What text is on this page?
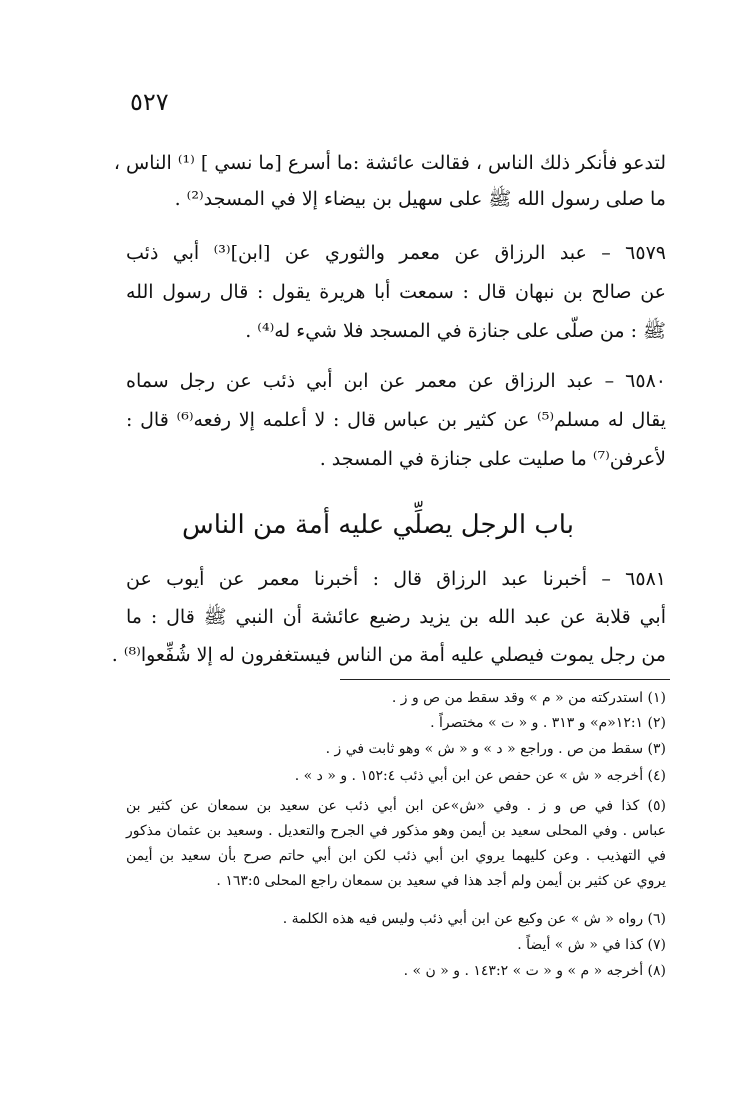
٥٢٧
لتدعو فأنكر ذلك الناس ، فقالت عائشة :ما أسرع [ما نسي ] ⁽¹⁾ الناس ،
ما صلى رسول الله ﷺ على سهيل بن بيضاء إلا في المسجد⁽²⁾ .
٦٥٧٩ – عبد الرزاق عن معمر والثوري عن [ابن]⁽³⁾ أبي ذئب
عن صالح بن نبهان قال : سمعت أبا هريرة يقول : قال رسول الله
ﷺ : من صلّى على جنازة في المسجد فلا شيء له⁽⁴⁾ .
٦٥٨٠ – عبد الرزاق عن معمر عن ابن أبي ذئب عن رجل سماه
يقال له مسلم⁽⁵⁾ عن كثير بن عباس قال : لا أعلمه إلا رفعه⁽⁶⁾ قال :
لأعرفن⁽⁷⁾ ما صليت على جنازة في المسجد .
باب الرجل يصلِّي عليه أمة من الناس
٦٥٨١ – أخبرنا عبد الرزاق قال : أخبرنا معمر عن أيوب عن
أبي قلابة عن عبد الله بن يزيد رضيع عائشة أن النبي ﷺ قال : ما
من رجل يموت فيصلي عليه أمة من الناس فيستغفرون له إلا شُفِّعوا⁽⁸⁾ .
(١) استدركته من « م » وقد سقط من ص و ز .
(٢) ١٢:١«م» و ٣١٣ . و « ت » مختصراً .
(٣) سقط من ص . وراجع « د » و « ش » وهو ثابت في ز .
(٤) أخرجه « ش » عن حفص عن ابن أبي ذئب ١٥٢:٤ . و « د » .
(٥) كذا في ص و ز . وفي «ش»عن ابن أبي ذئب عن سعيد بن سمعان عن كثير بن
عباس . وفي المحلى سعيد بن أيمن وهو مذكور في الجرح والتعديل . وسعيد بن عثمان مذكور
في التهذيب . وعن كليهما يروي ابن أبي ذئب لكن ابن أبي حاتم صرح بأن سعيد بن أيمن
يروي عن كثير بن أيمن ولم أجد هذا في سعيد بن سمعان راجع المحلى ١٦٣:٥ .
(٦) رواه « ش » عن وكيع عن ابن أبي ذئب وليس فيه هذه الكلمة .
(٧) كذا في « ش » أيضاً .
(٨) أخرجه « م » و « ت » ١٤٣:٢ . و « ن » .
